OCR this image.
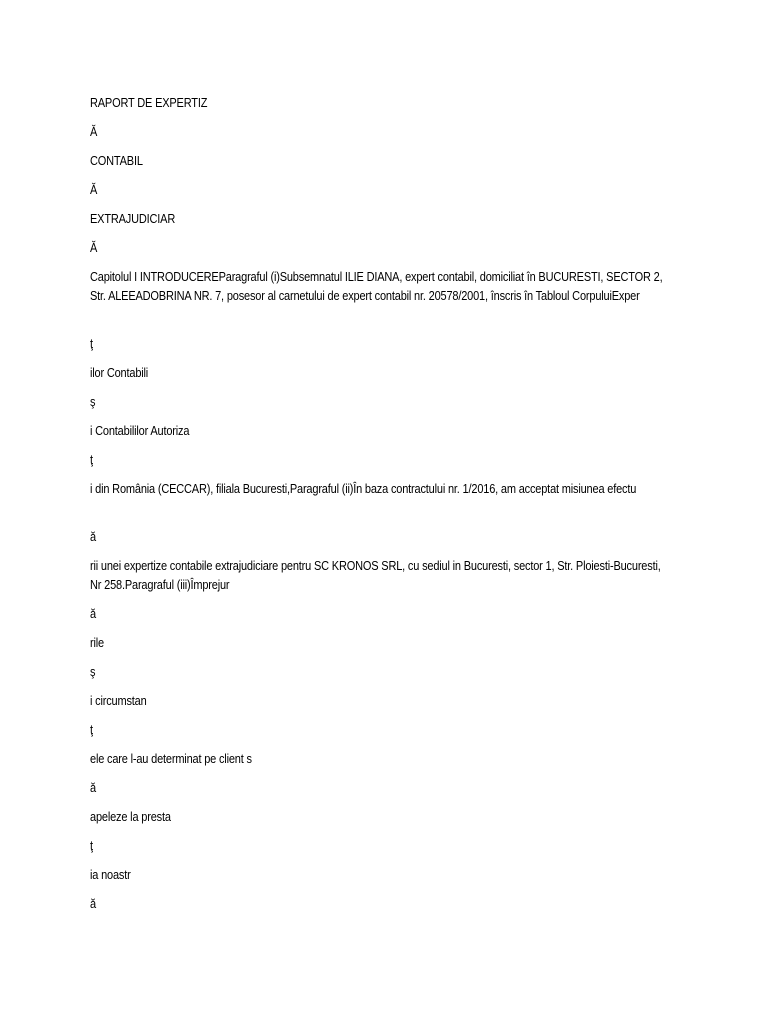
RAPORT DE EXPERTIZ
Ă
CONTABIL
Ă
EXTRAJUDICIAR
Ă
Capitolul I INTRODUCEREParagraful (i)Subsemnatul ILIE DIANA, expert contabil, domiciliat în BUCURESTI, SECTOR 2, Str. ALEEADOBRINA NR. 7, posesor al carnetului de expert contabil nr. 20578/2001, înscris în Tabloul CorpuluiExper
ţ
ilor Contabili
ş
i Contabililor Autoriza
ţ
i din România (CECCAR), filiala Bucuresti,Paragraful (ii)În baza contractului nr. 1/2016, am acceptat misiunea efectu
ă
rii unei expertize contabile extrajudiciare pentru SC KRONOS SRL, cu sediul in Bucuresti, sector 1, Str. Ploiesti-Bucuresti, Nr 258.Paragraful (iii)Împrejur
ă
rile
ş
i circumstan
ţ
ele care l-au determinat pe client s
ă
apeleze la presta
ţ
ia noastr
ă
